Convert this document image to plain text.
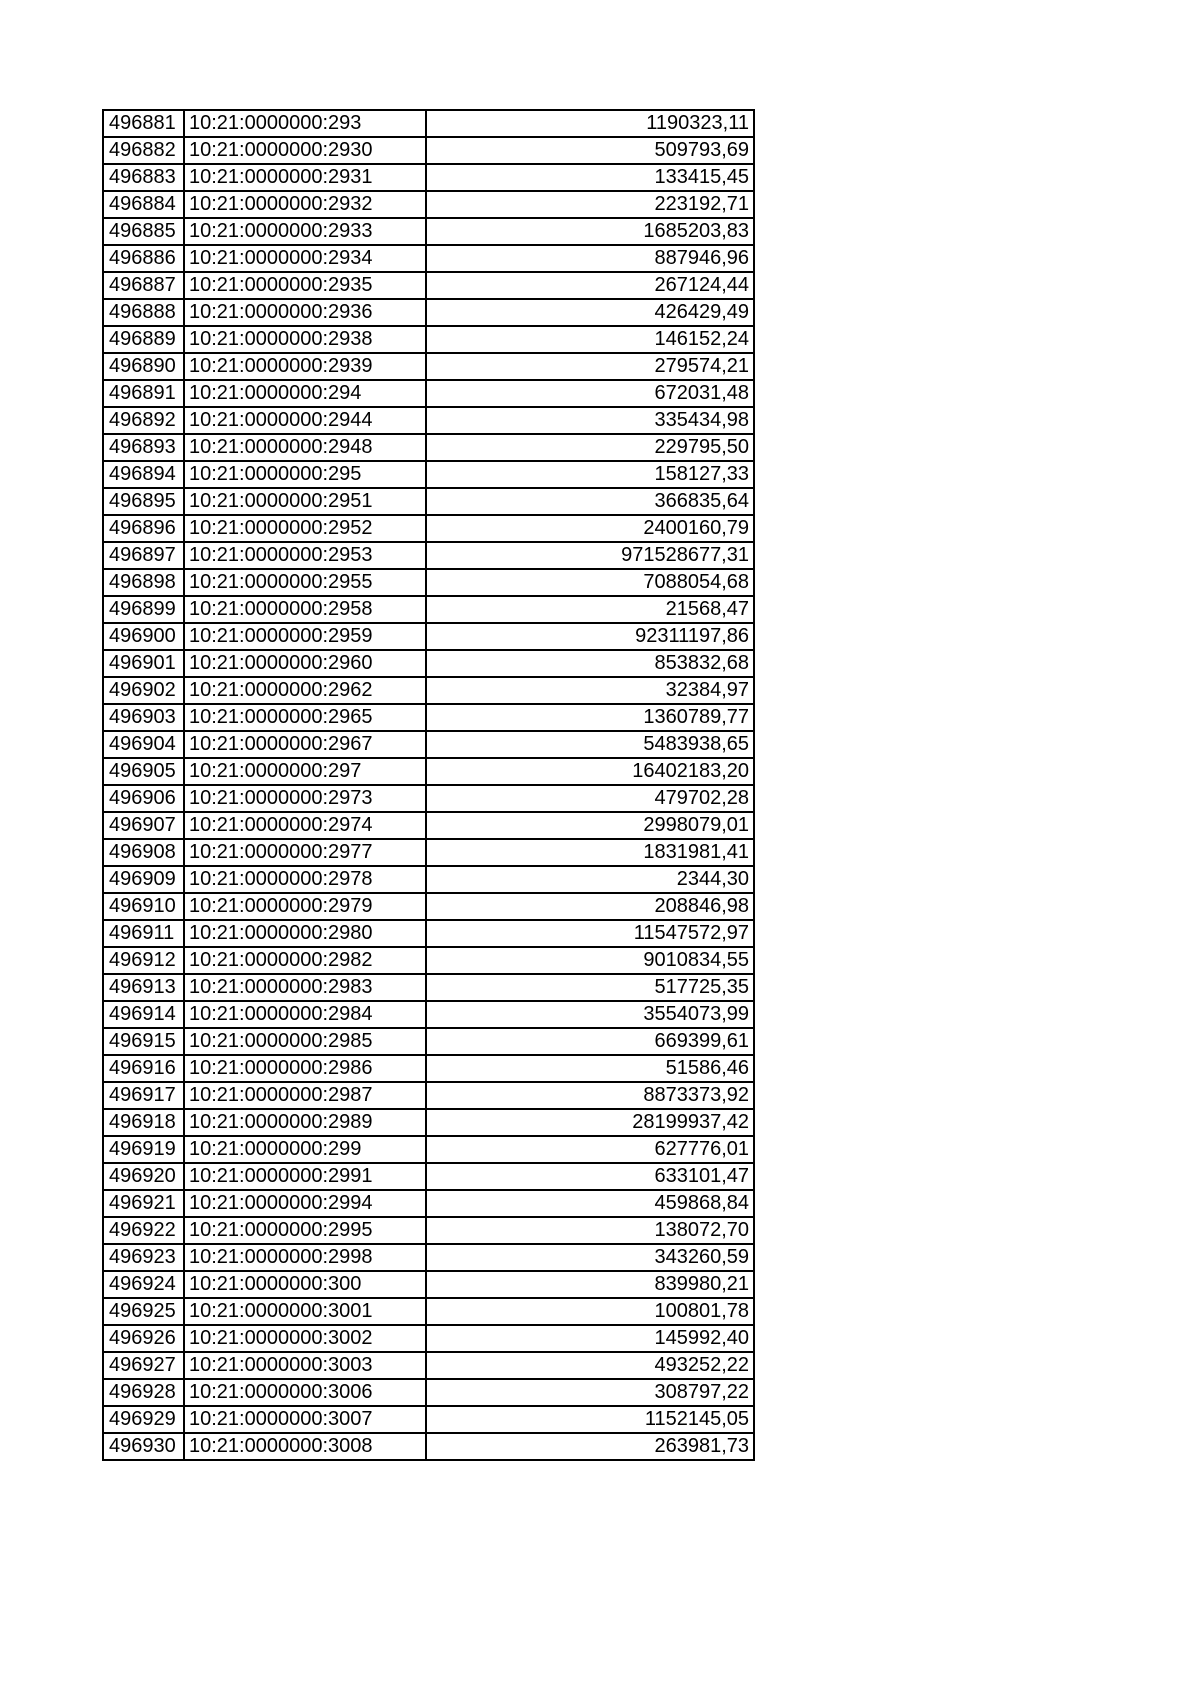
496881	10:21:0000000:293	1190323,11
496882	10:21:0000000:2930	509793,69
496883	10:21:0000000:2931	133415,45
496884	10:21:0000000:2932	223192,71
496885	10:21:0000000:2933	1685203,83
496886	10:21:0000000:2934	887946,96
496887	10:21:0000000:2935	267124,44
496888	10:21:0000000:2936	426429,49
496889	10:21:0000000:2938	146152,24
496890	10:21:0000000:2939	279574,21
496891	10:21:0000000:294	672031,48
496892	10:21:0000000:2944	335434,98
496893	10:21:0000000:2948	229795,50
496894	10:21:0000000:295	158127,33
496895	10:21:0000000:2951	366835,64
496896	10:21:0000000:2952	2400160,79
496897	10:21:0000000:2953	971528677,31
496898	10:21:0000000:2955	7088054,68
496899	10:21:0000000:2958	21568,47
496900	10:21:0000000:2959	92311197,86
496901	10:21:0000000:2960	853832,68
496902	10:21:0000000:2962	32384,97
496903	10:21:0000000:2965	1360789,77
496904	10:21:0000000:2967	5483938,65
496905	10:21:0000000:297	16402183,20
496906	10:21:0000000:2973	479702,28
496907	10:21:0000000:2974	2998079,01
496908	10:21:0000000:2977	1831981,41
496909	10:21:0000000:2978	2344,30
496910	10:21:0000000:2979	208846,98
496911	10:21:0000000:2980	11547572,97
496912	10:21:0000000:2982	9010834,55
496913	10:21:0000000:2983	517725,35
496914	10:21:0000000:2984	3554073,99
496915	10:21:0000000:2985	669399,61
496916	10:21:0000000:2986	51586,46
496917	10:21:0000000:2987	8873373,92
496918	10:21:0000000:2989	28199937,42
496919	10:21:0000000:299	627776,01
496920	10:21:0000000:2991	633101,47
496921	10:21:0000000:2994	459868,84
496922	10:21:0000000:2995	138072,70
496923	10:21:0000000:2998	343260,59
496924	10:21:0000000:300	839980,21
496925	10:21:0000000:3001	100801,78
496926	10:21:0000000:3002	145992,40
496927	10:21:0000000:3003	493252,22
496928	10:21:0000000:3006	308797,22
496929	10:21:0000000:3007	1152145,05
496930	10:21:0000000:3008	263981,73
